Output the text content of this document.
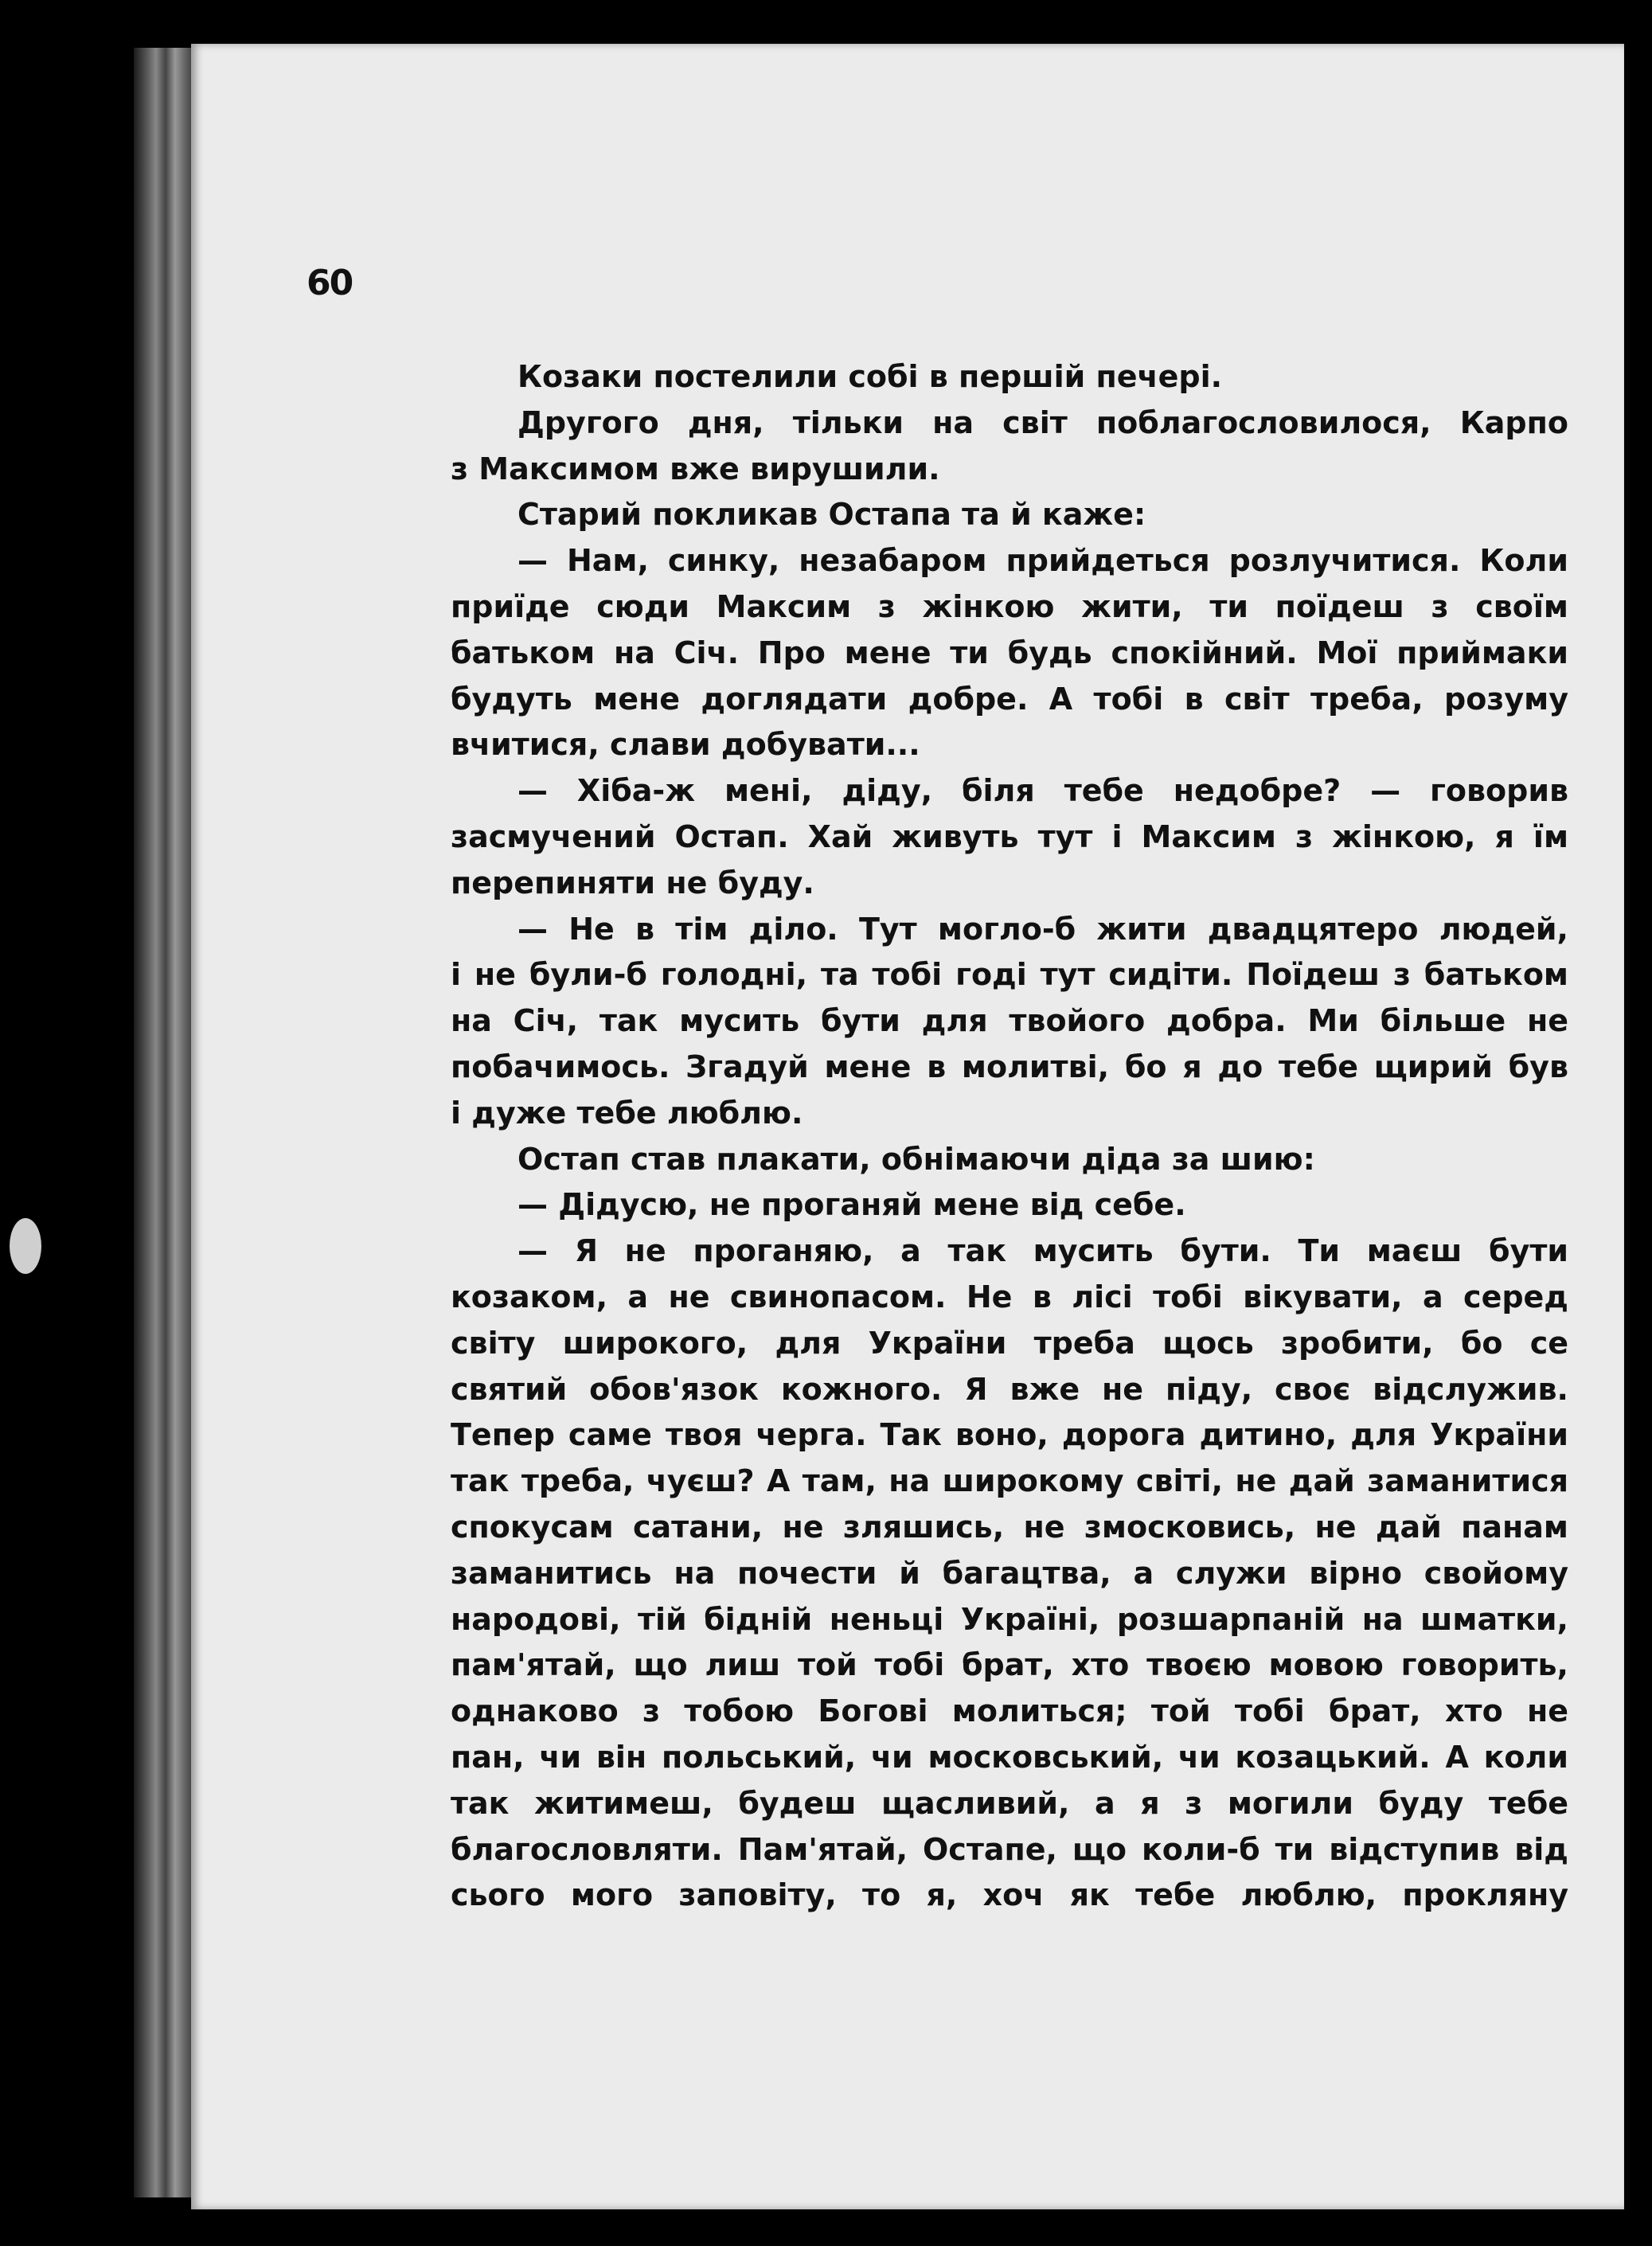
60
Козаки постелили собі в першій печері.
Другого дня, тільки на світ поблагословилося, Карпо
з Максимом вже вирушили.
Старий покликав Остапа та й каже:
— Нам, синку, незабаром прийдеться розлучитися. Коли
приїде сюди Максим з жінкою жити, ти поїдеш з своїм
батьком на Січ. Про мене ти будь спокійний. Мої приймаки
будуть мене доглядати добре. А тобі в світ треба, розуму
вчитися, слави добувати...
— Хіба-ж мені, діду, біля тебе недобре? — говорив
засмучений Остап. Хай живуть тут і Максим з жінкою, я їм
перепиняти не буду.
— Не в тім діло. Тут могло-б жити двадцятеро людей,
і не були-б голодні, та тобі годі тут сидіти. Поїдеш з батьком
на Січ, так мусить бути для твойого добра. Ми більше не
побачимось. Згадуй мене в молитві, бо я до тебе щирий був
і дуже тебе люблю.
Остап став плакати, обнімаючи діда за шию:
— Дідусю, не проганяй мене від себе.
— Я не проганяю, а так мусить бути. Ти маєш бути
козаком, а не свинопасом. Не в лісі тобі вікувати, а серед
світу широкого, для України треба щось зробити, бо се
святий обов'язок кожного. Я вже не піду, своє відслужив.
Тепер саме твоя черга. Так воно, дорога дитино, для України
так треба, чуєш? А там, на широкому світі, не дай заманитися
спокусам сатани, не зляшись, не змосковись, не дай панам
заманитись на почести й багацтва, а служи вірно свойому
народові, тій бідній неньці Україні, розшарпаній на шматки,
пам'ятай, що лиш той тобі брат, хто твоєю мовою говорить,
однаково з тобою Богові молиться; той тобі брат, хто не
пан, чи він польський, чи московський, чи козацький. А коли
так житимеш, будеш щасливий, а я з могили буду тебе
благословляти. Пам'ятай, Остапе, що коли-б ти відступив від
сього мого заповіту, то я, хоч як тебе люблю, прокляну
